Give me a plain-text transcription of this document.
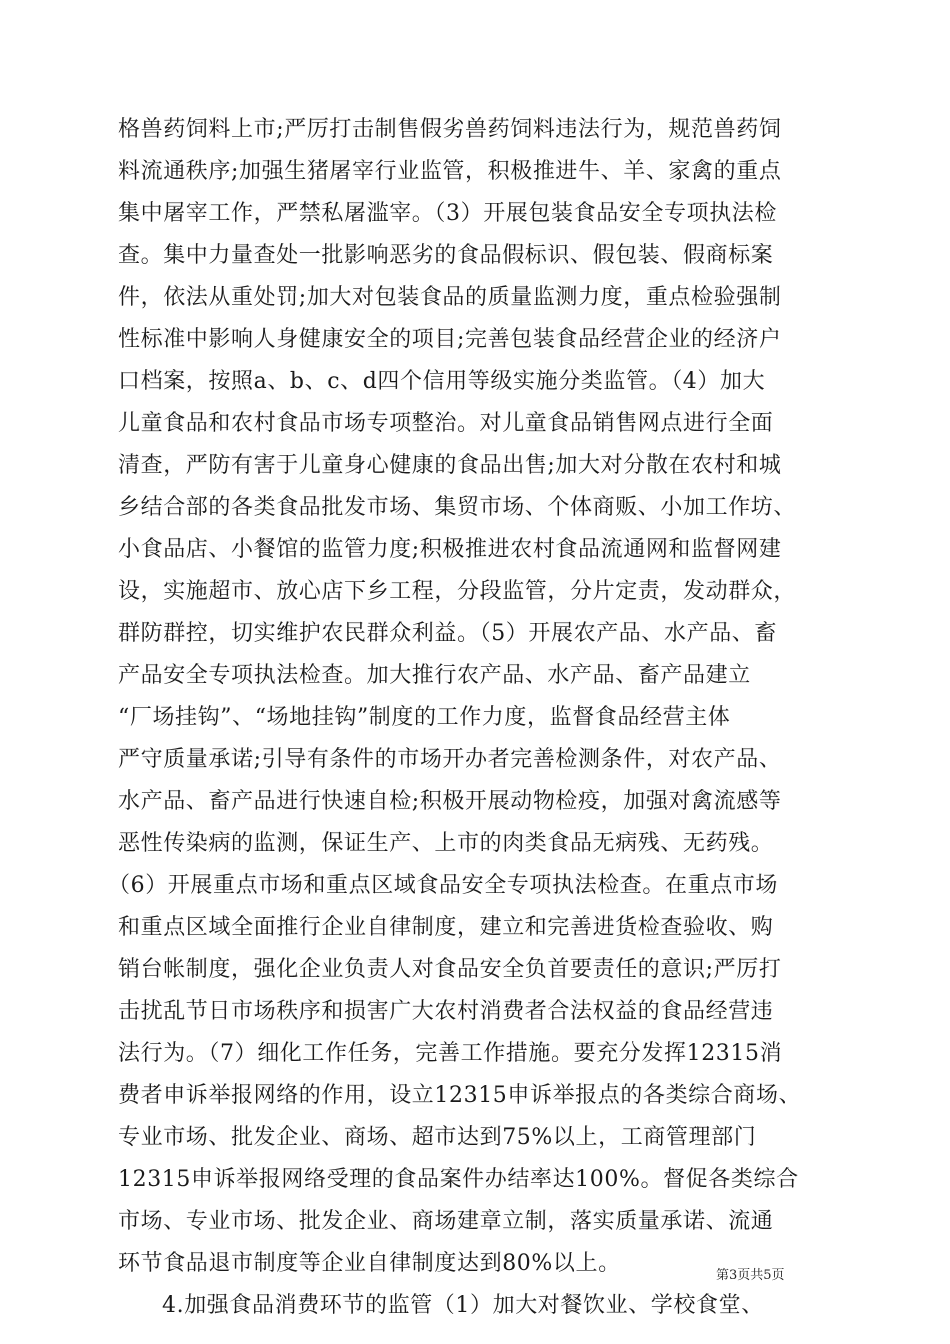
格兽药饲料上市;严厉打击制售假劣兽药饲料违法行为，规范兽药饲
料流通秩序;加强生猪屠宰行业监管，积极推进牛、羊、家禽的重点
集中屠宰工作，严禁私屠滥宰。（3）开展包装食品安全专项执法检
查。集中力量查处一批影响恶劣的食品假标识、假包装、假商标案
件，依法从重处罚;加大对包装食品的质量监测力度，重点检验强制
性标准中影响人身健康安全的项目;完善包装食品经营企业的经济户
口档案，按照a、b、c、d四个信用等级实施分类监管。（4）加大
儿童食品和农村食品市场专项整治。对儿童食品销售网点进行全面
清查，严防有害于儿童身心健康的食品出售;加大对分散在农村和城
乡结合部的各类食品批发市场、集贸市场、个体商贩、小加工作坊、
小食品店、小餐馆的监管力度;积极推进农村食品流通网和监督网建
设，实施超市、放心店下乡工程，分段监管，分片定责，发动群众，
群防群控，切实维护农民群众利益。（5）开展农产品、水产品、畜
产品安全专项执法检查。加大推行农产品、水产品、畜产品建立
“厂场挂钩”、“场地挂钩”制度的工作力度，监督食品经营主体
严守质量承诺;引导有条件的市场开办者完善检测条件，对农产品、
水产品、畜产品进行快速自检;积极开展动物检疫，加强对禽流感等
恶性传染病的监测，保证生产、上市的肉类食品无病残、无药残。
（6）开展重点市场和重点区域食品安全专项执法检查。在重点市场
和重点区域全面推行企业自律制度，建立和完善进货检查验收、购
销台帐制度，强化企业负责人对食品安全负首要责任的意识;严厉打
击扰乱节日市场秩序和损害广大农村消费者合法权益的食品经营违
法行为。（7）细化工作任务，完善工作措施。要充分发挥12315消
费者申诉举报网络的作用，设立12315申诉举报点的各类综合商场、
专业市场、批发企业、商场、超市达到75%以上，工商管理部门
12315申诉举报网络受理的食品案件办结率达100%。督促各类综合
市场、专业市场、批发企业、商场建章立制，落实质量承诺、流通
环节食品退市制度等企业自律制度达到80%以上。
4.加强食品消费环节的监管（1）加大对餐饮业、学校食堂、
第3页共5页
